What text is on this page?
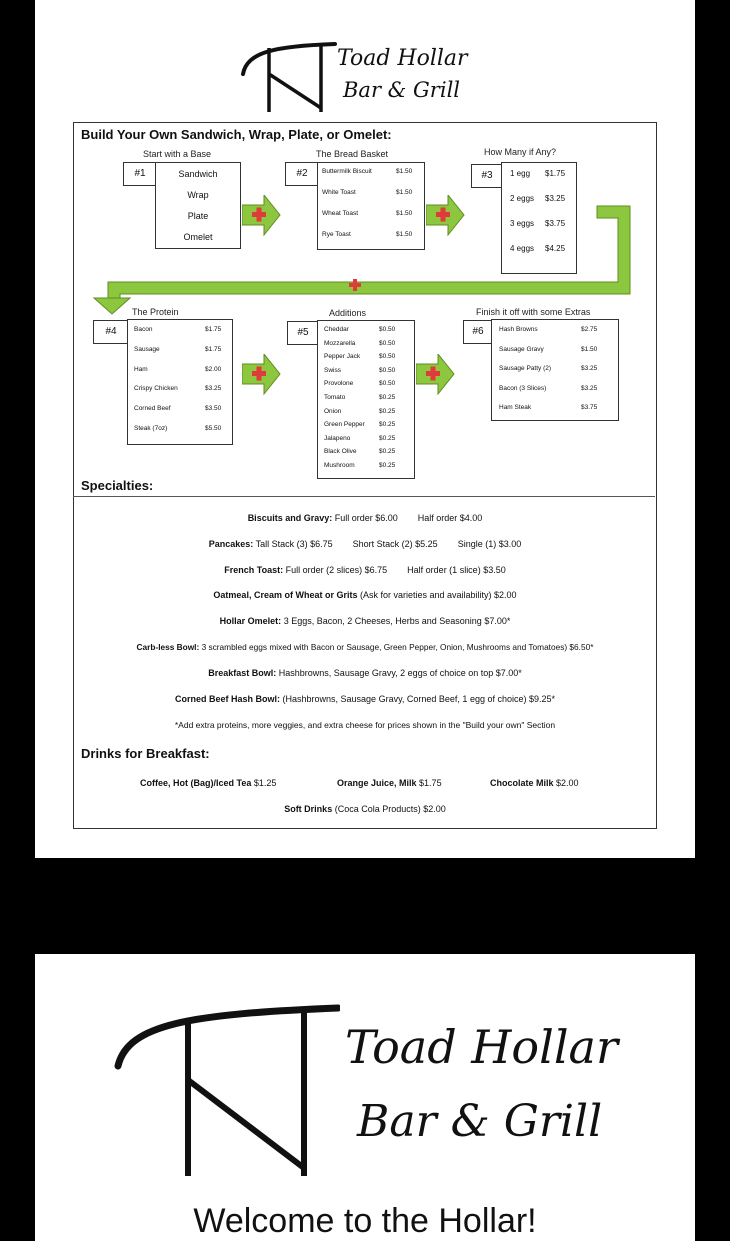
Toad Hollar
Bar & Grill
Build Your Own Sandwich, Wrap, Plate, or Omelet:
Start with a Base
#1	Sandwich
Wrap
Plate
Omelet
The Bread Basket
#2	Buttermilk Biscuit	$1.50
White Toast	$1.50
Wheat Toast	$1.50
Rye Toast	$1.50
How Many if Any?
#3	1 egg $1.75
2 eggs $3.25
3 eggs $3.75
4 eggs $4.25
The Protein
#4	Bacon	$1.75
Sausage	$1.75
Ham	$2.00
Crispy Chicken	$3.25
Corned Beef	$3.50
Steak (7oz)	$5.50
Additions
#5	Cheddar	$0.50
Mozzarella	$0.50
Pepper Jack	$0.50
Swiss	$0.50
Provolone	$0.50
Tomato	$0.25
Onion	$0.25
Green Pepper $0.25
Jalapeno	$0.25
Black Olive	$0.25
Mushroom	$0.25
Finish it off with some Extras
#6	Hash Browns	$2.75
Sausage Gravy	$1.50
Sausage Patty (2)	$3.25
Bacon (3 Slices)	$3.25
Ham Steak	$3.75
Specialties:
Biscuits and Gravy: Full order $6.00        Half order $4.00
Pancakes: Tall Stack (3) $6.75        Short Stack (2) $5.25        Single (1) $3.00
French Toast: Full order (2 slices) $6.75        Half order (1 slice) $3.50
Oatmeal, Cream of Wheat or Grits (Ask for varieties and availability) $2.00
Hollar Omelet: 3 Eggs, Bacon, 2 Cheeses, Herbs and Seasoning $7.00*
Carb-less Bowl: 3 scrambled eggs mixed with Bacon or Sausage, Green Pepper, Onion, Mushrooms and Tomatoes) $6.50*
Breakfast Bowl: Hashbrowns, Sausage Gravy, 2 eggs of choice on top $7.00*
Corned Beef Hash Bowl: (Hashbrowns, Sausage Gravy, Corned Beef, 1 egg of choice) $9.25*
*Add extra proteins, more veggies, and extra cheese for prices shown in the "Build your own" Section
Drinks for Breakfast:
Coffee, Hot (Bag)/Iced Tea $1.25	Orange Juice, Milk $1.75	Chocolate Milk $2.00
Soft Drinks (Coca Cola Products) $2.00
Toad Hollar
Bar & Grill
Welcome to the Hollar!
